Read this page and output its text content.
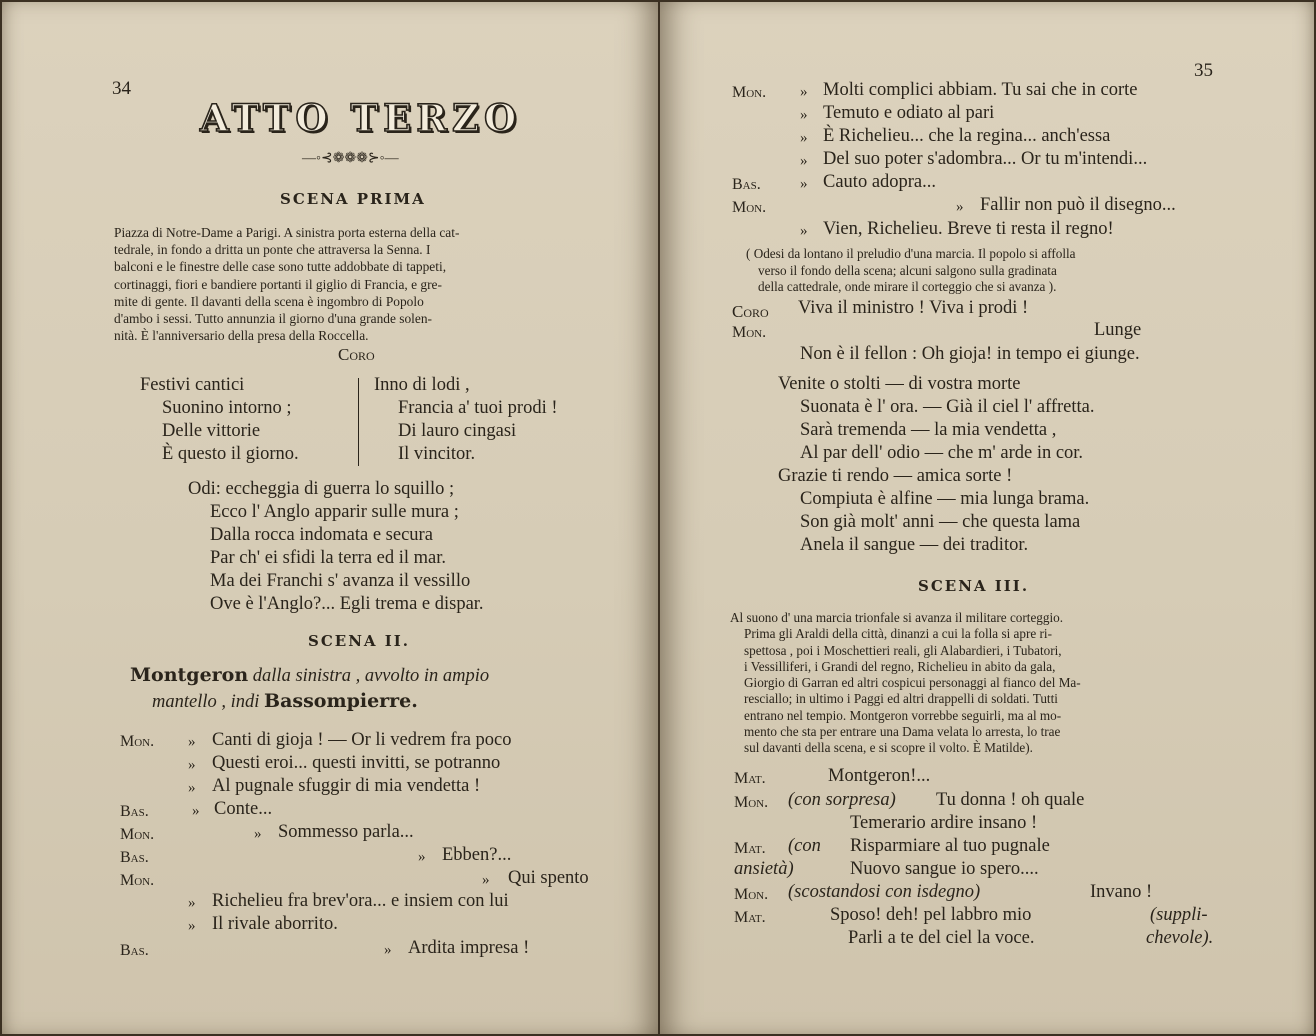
34
ATTO TERZO
—◦⊰❁❁❁⊱◦—
SCENA PRIMA
Piazza di Notre-Dame a Parigi. A sinistra porta esterna della cat-
tedrale, in fondo a dritta un ponte che attraversa la Senna. I
balconi e le finestre delle case sono tutte addobbate di tappeti,
cortinaggi, fiori e bandiere portanti il giglio di Francia, e gre-
mite di gente. Il davanti della scena è ingombro di Popolo
d'ambo i sessi. Tutto annunzia il giorno d'una grande solen-
nità. È l'anniversario della presa della Roccella.
Coro
Festivi cantici
Suonino intorno ;
Delle vittorie
È questo il giorno.
Inno di lodi ,
Francia a' tuoi prodi !
Di lauro cingasi
Il vincitor.
Odi: eccheggia di guerra lo squillo ;
Ecco l' Anglo apparir sulle mura ;
Dalla rocca indomata e secura
Par ch' ei sfidi la terra ed il mar.
Ma dei Franchi s' avanza il vessillo
Ove è l'Anglo?... Egli trema e dispar.
SCENA II.
Montgeron dalla sinistra , avvolto in ampio
mantello , indi Bassompierre.
Mon. » Canti di gioja ! — Or li vedrem fra poco
» Questi eroi... questi invitti, se potranno
» Al pugnale sfuggir di mia vendetta !
Bas.	» Conte...
Mon.	» Sommesso parla...
Bas.	» Ebben?...
Mon.	» Qui spento
» Richelieu fra brev'ora... e insiem con lui
» Il rivale aborrito.
Bas.	» Ardita impresa !
35
Mon. » Molti complici abbiam. Tu sai che in corte
» Temuto e odiato al pari
» È Richelieu... che la regina... anch'essa
» Del suo poter s'adombra... Or tu m'intendi...
Bas.	» Cauto adopra...
Mon.	» Fallir non può il disegno...
» Vien, Richelieu. Breve ti resta il regno!
( Odesi da lontano il preludio d'una marcia. Il popolo si affolla
verso il fondo della scena; alcuni salgono sulla gradinata
della cattedrale, onde mirare il corteggio che si avanza ).
Coro Viva il ministro ! Viva i prodi !
Mon.	Lunge
Non è il fellon : Oh gioja! in tempo ei giunge.
Venite o stolti — di vostra morte
Suonata è l' ora. — Già il ciel l' affretta.
Sarà tremenda — la mia vendetta ,
Al par dell' odio — che m' arde in cor.
Grazie ti rendo — amica sorte !
Compiuta è alfine — mia lunga brama.
Son già molt' anni — che questa lama
Anela il sangue — dei traditor.
SCENA III.
Al suono d' una marcia trionfale si avanza il militare corteggio.
Prima gli Araldi della città, dinanzi a cui la folla si apre ri-
spettosa , poi i Moschettieri reali, gli Alabardieri, i Tubatori,
i Vessilliferi, i Grandi del regno, Richelieu in abito da gala,
Giorgio di Garran ed altri cospicui personaggi al fianco del Ma-
resciallo; in ultimo i Paggi ed altri drappelli di soldati. Tutti
entrano nel tempio. Montgeron vorrebbe seguirli, ma al mo-
mento che sta per entrare una Dama velata lo arresta, lo trae
sul davanti della scena, e si scopre il volto. È Matilde).
Mat.	Montgeron!...
Mon. (con sorpresa) Tu donna ! oh quale
Temerario ardire insano !
Mat. (con Risparmiare al tuo pugnale
ansietà)	Nuovo sangue io spero....
Mon. (scostandosi con isdegno)	Invano !
Mat.	Sposo! deh! pel labbro mio	(suppli-
Parli a te del ciel la voce.	chevole).
